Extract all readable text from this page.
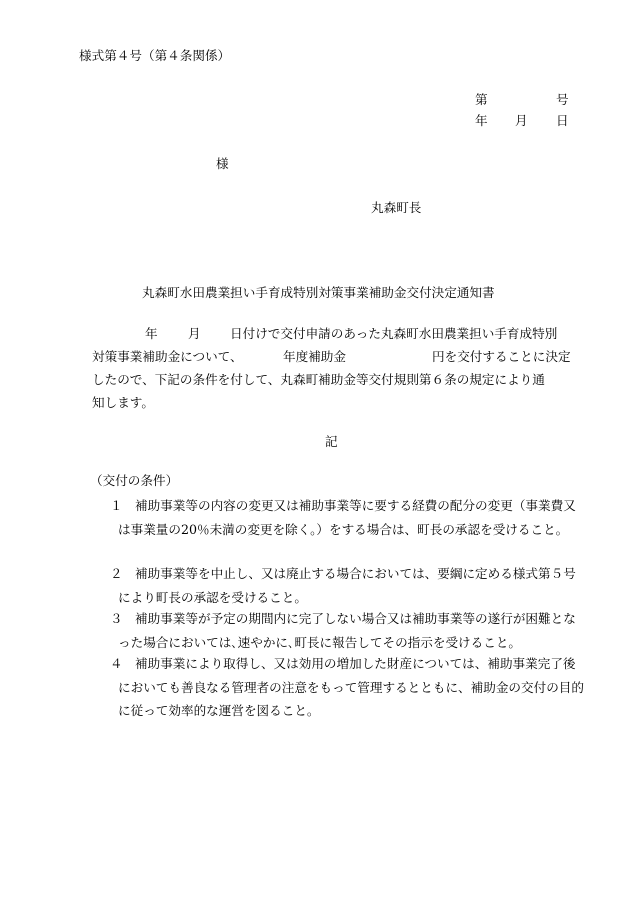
様式第４号（第４条関係）
第	号
年 月 日
様
丸森町長
丸森町水田農業担い手育成特別対策事業補助金交付決定通知書
年 月 日付けで交付申請のあった丸森町水田農業担い手育成特別
対策事業補助金について、	年度補助金	円を交付することに決定
したので、下記の条件を付して、丸森町補助金等交付規則第６条の規定により通
知します。
記
（交付の条件）
１ 補助事業等の内容の変更又は補助事業等に要する経費の配分の変更（事業費又は事業量の20％未満の変更を除く。）をする場合は、町長の承認を受けること。
２ 補助事業等を中止し、又は廃止する場合においては、要綱に定める様式第５号により町長の承認を受けること。
３ 補助事業等が予定の期間内に完了しない場合又は補助事業等の遂行が困難となった場合においては､速やかに､町長に報告してその指示を受けること。
４ 補助事業により取得し、又は効用の増加した財産については、補助事業完了後においても善良なる管理者の注意をもって管理するとともに、補助金の交付の目的に従って効率的な運営を図ること。
